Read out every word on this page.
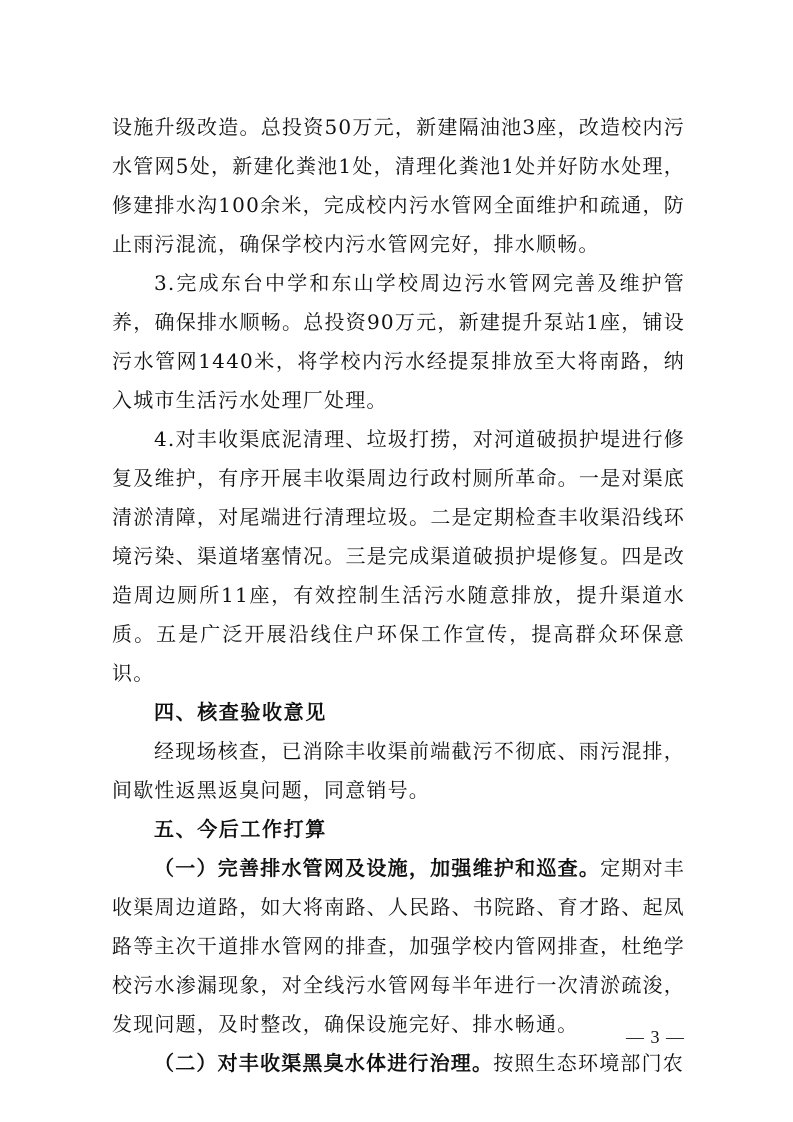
设施升级改造。总投资50万元，新建隔油池3座，改造校内污水管网5处，新建化粪池1处，清理化粪池1处并好防水处理，修建排水沟100余米，完成校内污水管网全面维护和疏通，防止雨污混流，确保学校内污水管网完好，排水顺畅。

3.完成东台中学和东山学校周边污水管网完善及维护管养，确保排水顺畅。总投资90万元，新建提升泵站1座，铺设污水管网1440米，将学校内污水经提泵排放至大将南路，纳入城市生活污水处理厂处理。

4.对丰收渠底泥清理、垃圾打捞，对河道破损护堤进行修复及维护，有序开展丰收渠周边行政村厕所革命。一是对渠底清淤清障，对尾端进行清理垃圾。二是定期检查丰收渠沿线环境污染、渠道堵塞情况。三是完成渠道破损护堤修复。四是改造周边厕所11座，有效控制生活污水随意排放，提升渠道水质。五是广泛开展沿线住户环保工作宣传，提高群众环保意识。

四、核查验收意见

经现场核查，已消除丰收渠前端截污不彻底、雨污混排，间歇性返黑返臭问题，同意销号。

五、今后工作打算

（一）完善排水管网及设施，加强维护和巡查。定期对丰收渠周边道路，如大将南路、人民路、书院路、育才路、起凤路等主次干道排水管网的排查，加强学校内管网排查，杜绝学校污水渗漏现象，对全线污水管网每半年进行一次清淤疏浚，发现问题，及时整改，确保设施完好、排水畅通。

（二）对丰收渠黑臭水体进行治理。按照生态环境部门农

— 3 —
